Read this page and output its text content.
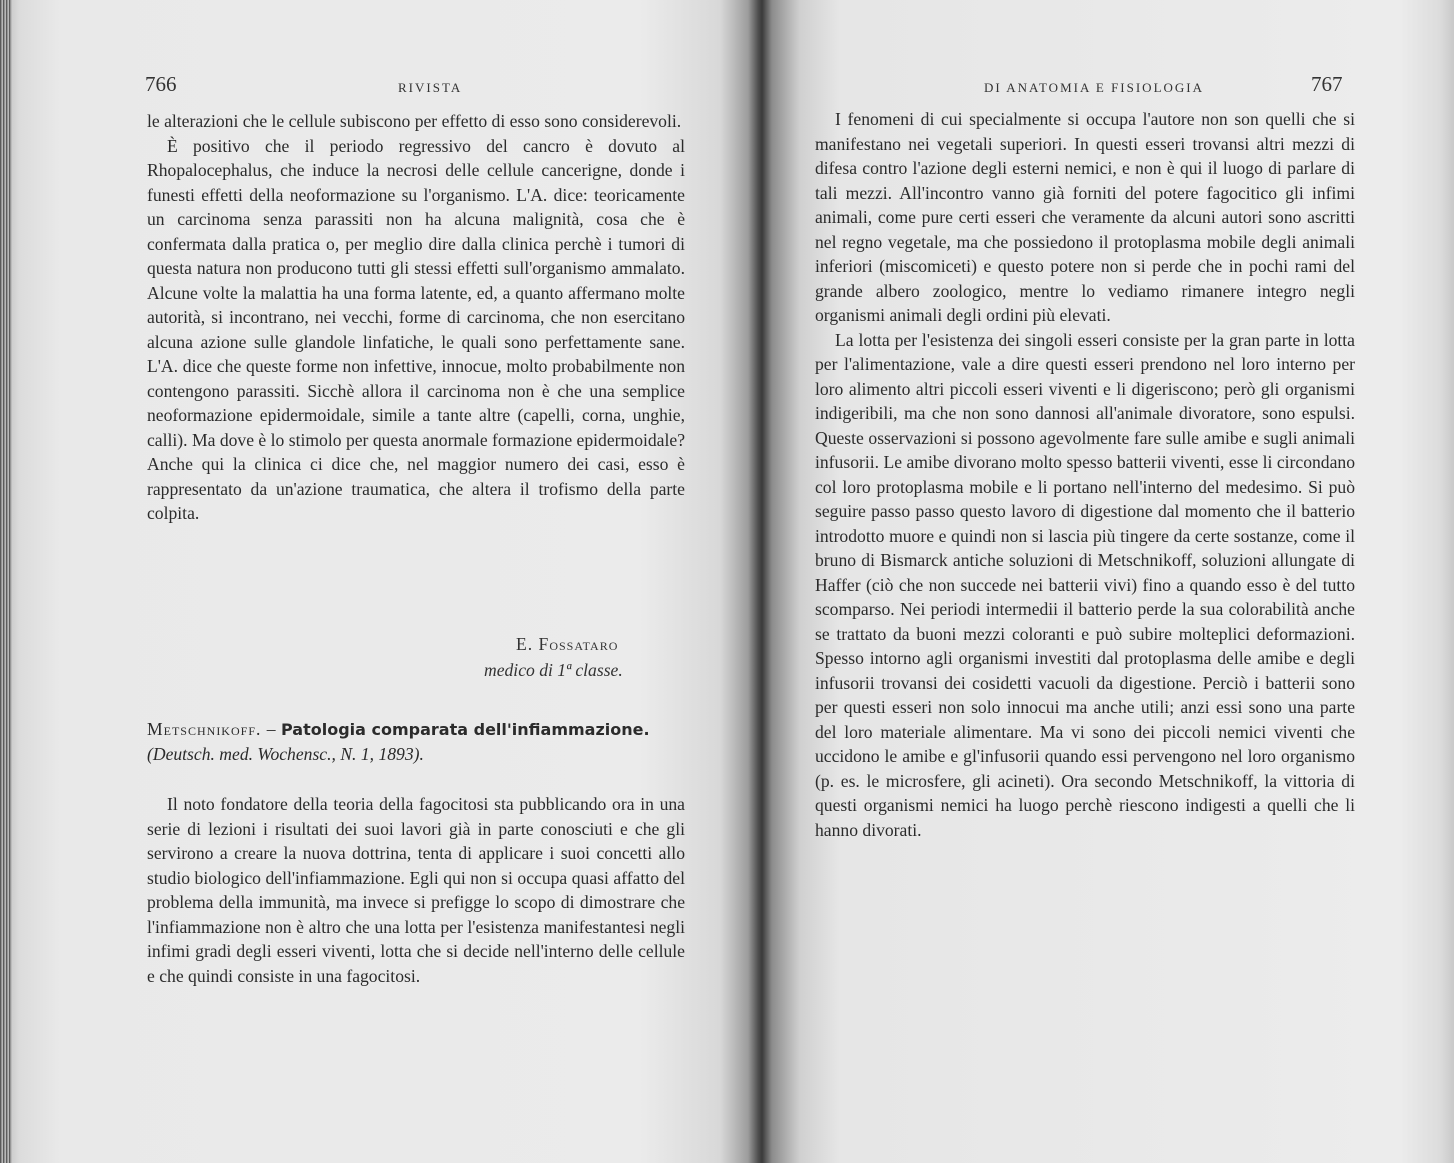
766	RIVISTA

le alterazioni che le cellule subiscono per effetto di esso sono considerevoli.

È positivo che il periodo regressivo del cancro è dovuto al Rhopalocephalus, che induce la necrosi delle cellule cancerigne, donde i funesti effetti della neoformazione su l'organismo. L'A. dice: teoricamente un carcinoma senza parassiti non ha alcuna malignità, cosa che è confermata dalla pratica o, per meglio dire dalla clinica perchè i tumori di questa natura non producono tutti gli stessi effetti sull'organismo ammalato. Alcune volte la malattia ha una forma latente, ed, a quanto affermano molte autorità, si incontrano, nei vecchi, forme di carcinoma, che non esercitano alcuna azione sulle glandole linfatiche, le quali sono perfettamente sane. L'A. dice che queste forme non infettive, innocue, molto probabilmente non contengono parassiti. Sicchè allora il carcinoma non è che una semplice neoformazione epidermoidale, simile a tante altre (capelli, corna, unghie, calli). Ma dove è lo stimolo per questa anormale formazione epidermoidale? Anche qui la clinica ci dice che, nel maggior numero dei casi, esso è rappresentato da un'azione traumatica, che altera il trofismo della parte colpita.

E. Fossataro
medico di 1ª classe.
Metschnikoff. – Patologia comparata dell'infiammazione. (Deutsch. med. Wochensc., N. 1, 1893).

Il noto fondatore della teoria della fagocitosi sta pubblicando ora in una serie di lezioni i risultati dei suoi lavori già in parte conosciuti e che gli servirono a creare la nuova dottrina, tenta di applicare i suoi concetti allo studio biologico dell'infiammazione. Egli qui non si occupa quasi affatto del problema della immunità, ma invece si prefigge lo scopo di dimostrare che l'infiammazione non è altro che una lotta per l'esistenza manifestantesi negli infimi gradi degli esseri viventi, lotta che si decide nell'interno delle cellule e che quindi consiste in una fagocitosi.

DI ANATOMIA E FISIOLOGIA	767

I fenomeni di cui specialmente si occupa l'autore non son quelli che si manifestano nei vegetali superiori. In questi esseri trovansi altri mezzi di difesa contro l'azione degli esterni nemici, e non è qui il luogo di parlare di tali mezzi. All'incontro vanno già forniti del potere fagocitico gli infimi animali, come pure certi esseri che veramente da alcuni autori sono ascritti nel regno vegetale, ma che possiedono il protoplasma mobile degli animali inferiori (miscomiceti) e questo potere non si perde che in pochi rami del grande albero zoologico, mentre lo vediamo rimanere integro negli organismi animali degli ordini più elevati.

La lotta per l'esistenza dei singoli esseri consiste per la gran parte in lotta per l'alimentazione, vale a dire questi esseri prendono nel loro interno per loro alimento altri piccoli esseri viventi e li digeriscono; però gli organismi indigeribili, ma che non sono dannosi all'animale divoratore, sono espulsi. Queste osservazioni si possono agevolmente fare sulle amibe e sugli animali infusorii. Le amibe divorano molto spesso batterii viventi, esse li circondano col loro protoplasma mobile e li portano nell'interno del medesimo. Si può seguire passo passo questo lavoro di digestione dal momento che il batterio introdotto muore e quindi non si lascia più tingere da certe sostanze, come il bruno di Bismarck antiche soluzioni di Metschnikoff, soluzioni allungate di Haffer (ciò che non succede nei batterii vivi) fino a quando esso è del tutto scomparso. Nei periodi intermedii il batterio perde la sua colorabilità anche se trattato da buoni mezzi coloranti e può subire molteplici deformazioni. Spesso intorno agli organismi investiti dal protoplasma delle amibe e degli infusorii trovansi dei cosidetti vacuoli da digestione. Perciò i batterii sono per questi esseri non solo innocui ma anche utili; anzi essi sono una parte del loro materiale alimentare. Ma vi sono dei piccoli nemici viventi che uccidono le amibe e gl'infusorii quando essi pervengono nel loro organismo (p. es. le microsfere, gli acineti). Ora secondo Metschnikoff, la vittoria di questi organismi nemici ha luogo perchè riescono indigesti a quelli che li hanno divorati.
